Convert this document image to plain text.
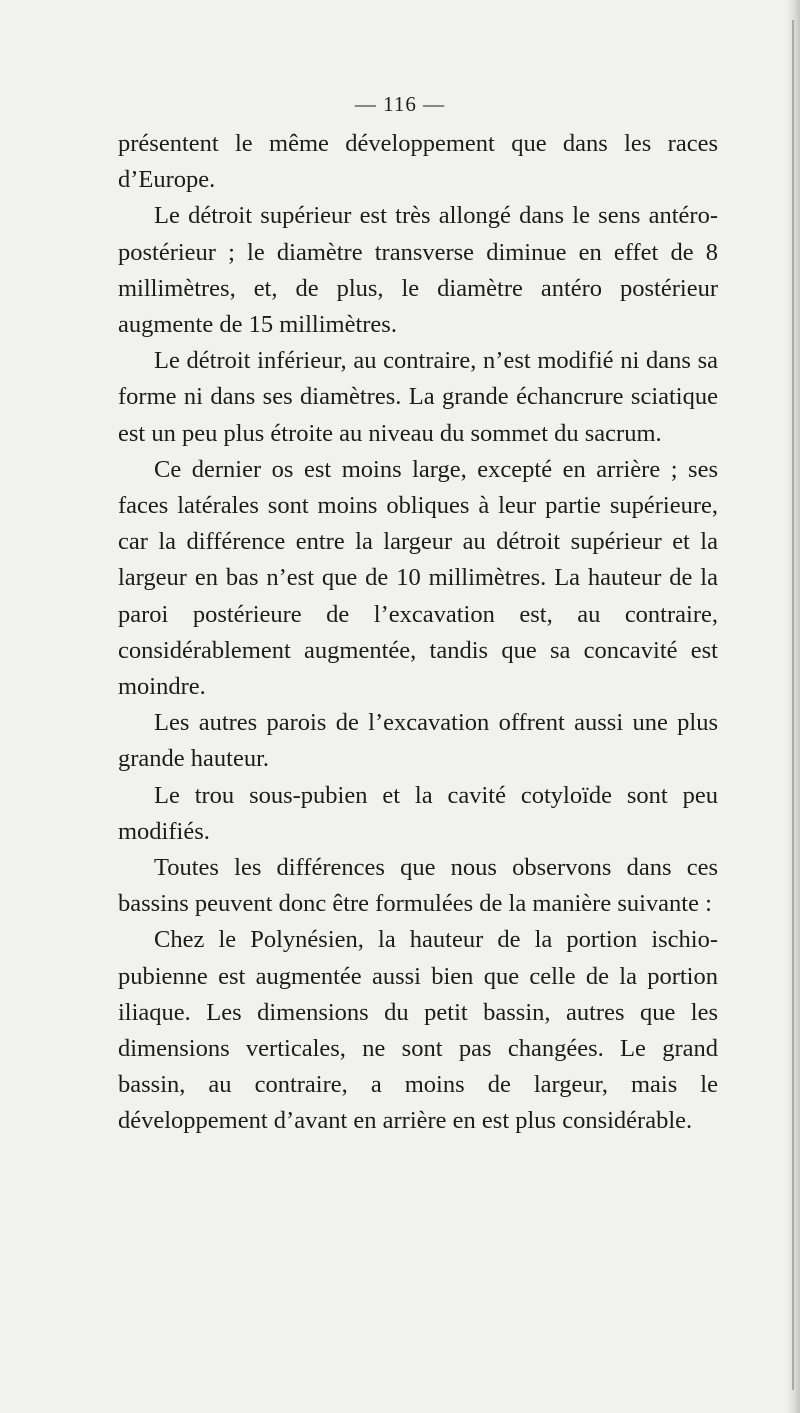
— 116 —

présentent le même développement que dans les races d’Europe.

Le détroit supérieur est très allongé dans le sens antéro-postérieur ; le diamètre transverse diminue en effet de 8 millimètres, et, de plus, le diamètre antéro postérieur augmente de 15 millimètres.

Le détroit inférieur, au contraire, n’est modifié ni dans sa forme ni dans ses diamètres. La grande échancrure sciatique est un peu plus étroite au niveau du sommet du sacrum.

Ce dernier os est moins large, excepté en arrière ; ses faces latérales sont moins obliques à leur partie supérieure, car la différence entre la largeur au détroit supérieur et la largeur en bas n’est que de 10 millimètres. La hauteur de la paroi postérieure de l’excavation est, au contraire, considérablement augmentée, tandis que sa concavité est moindre.

Les autres parois de l’excavation offrent aussi une plus grande hauteur.

Le trou sous-pubien et la cavité cotyloïde sont peu modifiés.

Toutes les différences que nous observons dans ces bassins peuvent donc être formulées de la manière suivante :

Chez le Polynésien, la hauteur de la portion ischio-pubienne est augmentée aussi bien que celle de la portion iliaque. Les dimensions du petit bassin, autres que les dimensions verticales, ne sont pas changées. Le grand bassin, au contraire, a moins de largeur, mais le développement d’avant en arrière en est plus considérable.
